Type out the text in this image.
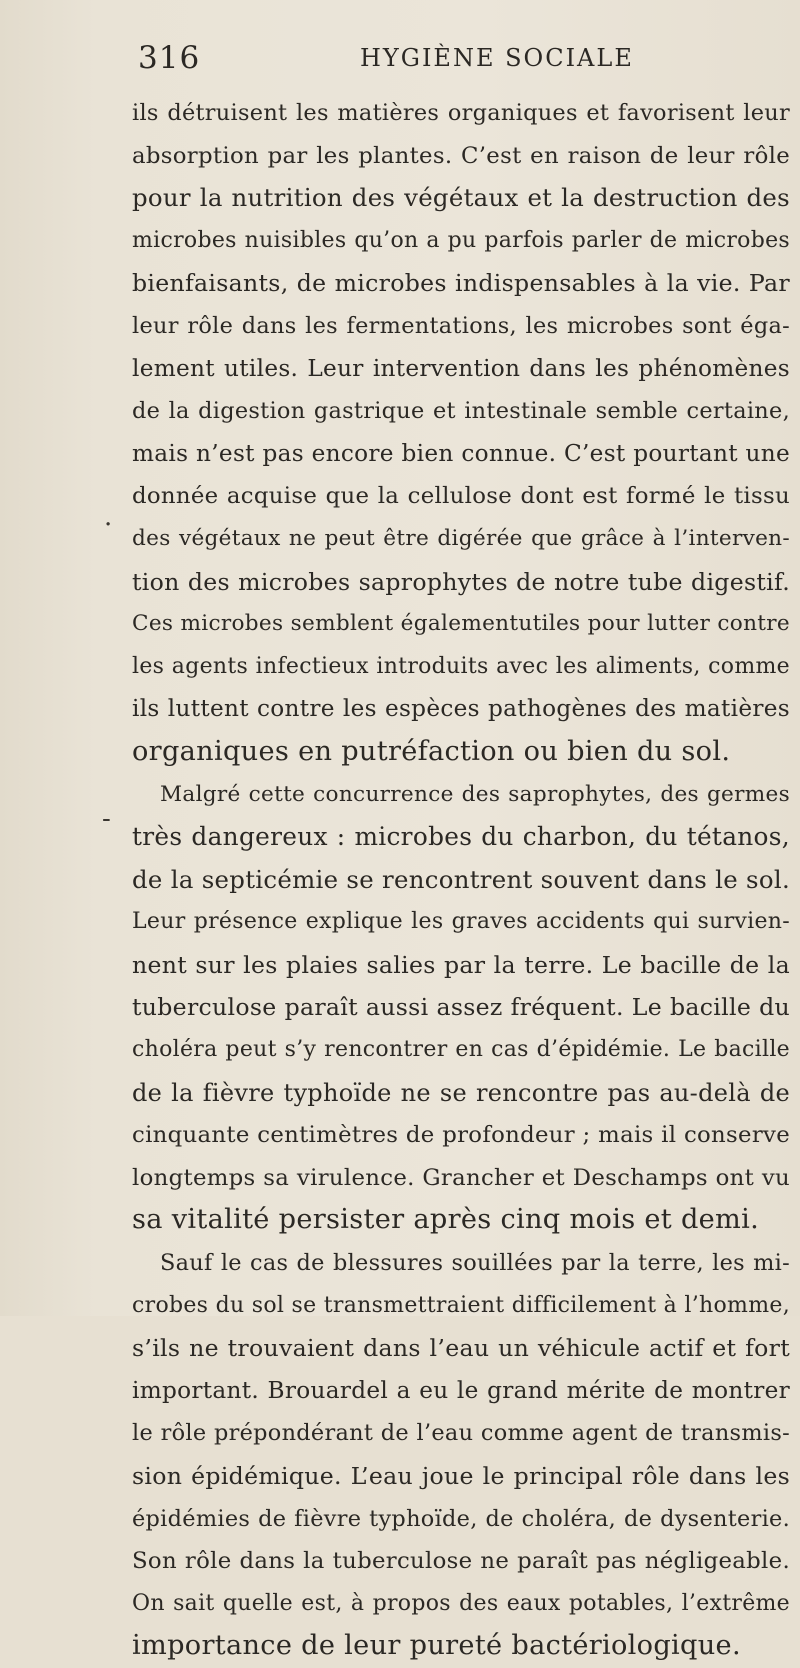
316	HYGIÈNE SOCIALE
·
-
ils détruisent les matières organiques et favorisent leur
absorption par les plantes. C’est en raison de leur rôle
pour la nutrition des végétaux et la destruction des
microbes nuisibles qu’on a pu parfois parler de microbes
bienfaisants, de microbes indispensables à la vie. Par
leur rôle dans les fermentations, les microbes sont éga-
lement utiles. Leur intervention dans les phénomènes
de la digestion gastrique et intestinale semble certaine,
mais n’est pas encore bien connue. C’est pourtant une
donnée acquise que la cellulose dont est formé le tissu
des végétaux ne peut être digérée que grâce à l’interven-
tion des microbes saprophytes de notre tube digestif.
Ces microbes semblent égalementutiles pour lutter contre
les agents infectieux introduits avec les aliments, comme
ils luttent contre les espèces pathogènes des matières
organiques en putréfaction ou bien du sol.
Malgré cette concurrence des saprophytes, des germes
très dangereux : microbes du charbon, du tétanos,
de la septicémie se rencontrent souvent dans le sol.
Leur présence explique les graves accidents qui survien-
nent sur les plaies salies par la terre. Le bacille de la
tuberculose paraît aussi assez fréquent. Le bacille du
choléra peut s’y rencontrer en cas d’épidémie. Le bacille
de la fièvre typhoïde ne se rencontre pas au-delà de
cinquante centimètres de profondeur ; mais il conserve
longtemps sa virulence. Grancher et Deschamps ont vu
sa vitalité persister après cinq mois et demi.
Sauf le cas de blessures souillées par la terre, les mi-
crobes du sol se transmettraient difficilement à l’homme,
s’ils ne trouvaient dans l’eau un véhicule actif et fort
important. Brouardel a eu le grand mérite de montrer
le rôle prépondérant de l’eau comme agent de transmis-
sion épidémique. L’eau joue le principal rôle dans les
épidémies de fièvre typhoïde, de choléra, de dysenterie.
Son rôle dans la tuberculose ne paraît pas négligeable.
On sait quelle est, à propos des eaux potables, l’extrême
importance de leur pureté bactériologique.
